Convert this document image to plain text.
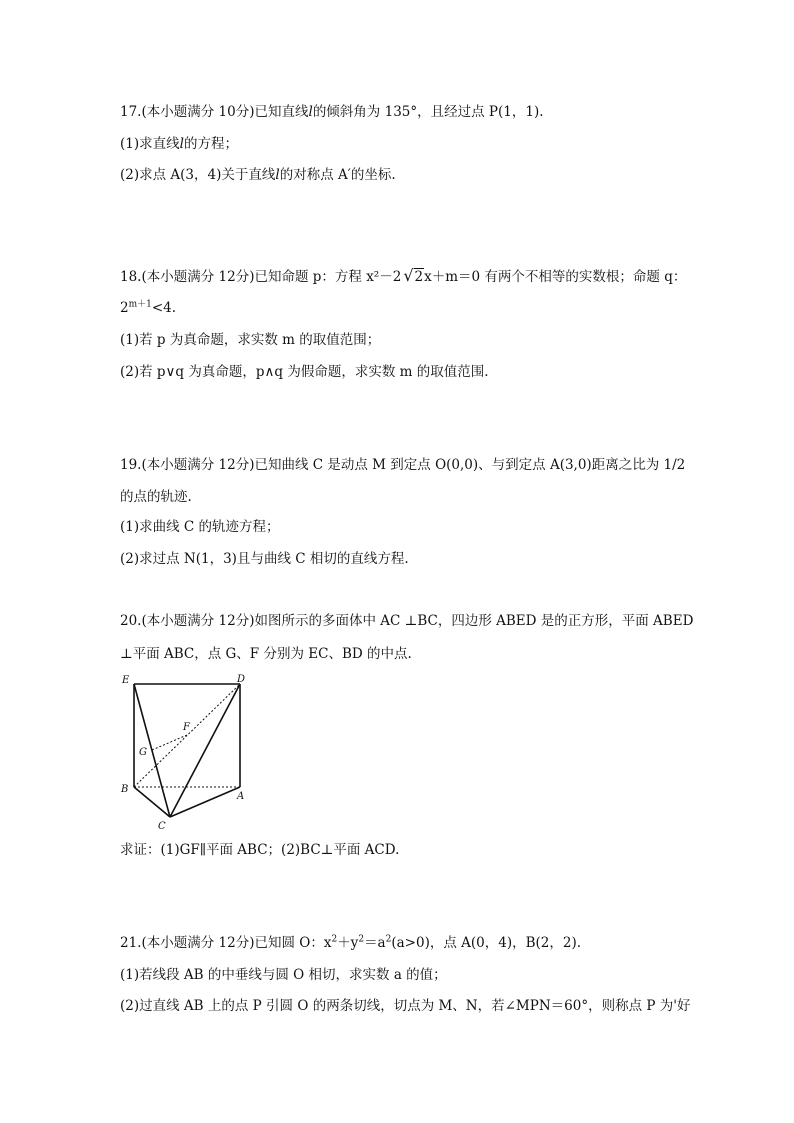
17.(本小题满分 10分)已知直线l的倾斜角为 135°，且经过点 P(1，1).
(1)求直线l的方程；
(2)求点 A(3，4)关于直线l的对称点 A′的坐标.
18.(本小题满分 12分)已知命题 p：方程 x²－2 √2x＋m＝0 有两个不相等的实数根；命题 q：
$2^{m+1}<4$.
(1)若 p 为真命题，求实数 m 的取值范围；
(2)若 p∨q 为真命题，p∧q 为假命题，求实数 m 的取值范围.
19.(本小题满分 12分)已知曲线 C 是动点 M 到定点 O(0,0)、与到定点 A(3,0)距离之比为 1/2
的点的轨迹.
(1)求曲线 C 的轨迹方程；
(2)求过点 N(1，3)且与曲线 C 相切的直线方程.
20.(本小题满分 12分)如图所示的多面体中 AC ⊥BC，四边形 ABED 是的正方形，平面 ABED
⊥平面 ABC，点 G、F 分别为 EC、BD 的中点.
E	D
F
G
B
A
C
求证：(1)GF∥平面 ABC；(2)BC⊥平面 ACD.
21.(本小题满分 12分)已知圆 O：$x^2+y^2=a^2(a>0)$，点 A(0，4)，B(2，2).
(1)若线段 AB 的中垂线与圆 O 相切，求实数 a 的值；
(2)过直线 AB 上的点 P 引圆 O 的两条切线，切点为 M、N，若∠MPN＝60°，则称点 P 为'好
